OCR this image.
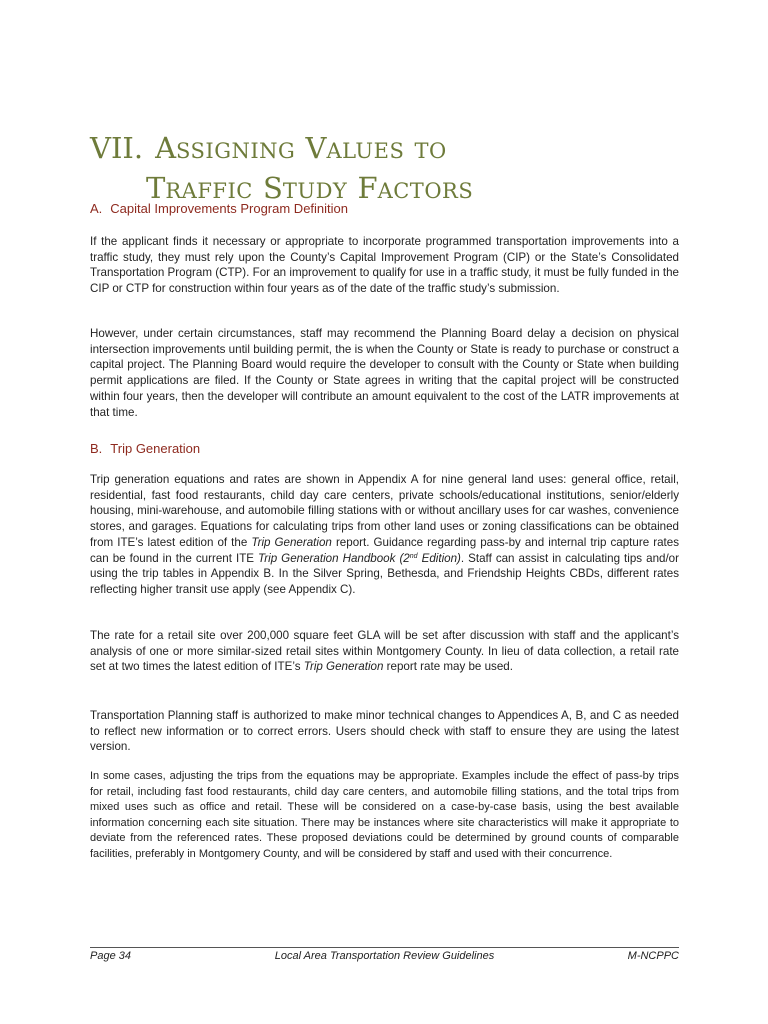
VII. ASSIGNING VALUES TO
TRAFFIC STUDY FACTORS
A. Capital Improvements Program Definition

If the applicant finds it necessary or appropriate to incorporate programmed transportation improvements into a traffic study, they must rely upon the County’s Capital Improvement Program (CIP) or the State’s Consolidated Transportation Program (CTP). For an improvement to qualify for use in a traffic study, it must be fully funded in the CIP or CTP for construction within four years as of the date of the traffic study’s submission.

However, under certain circumstances, staff may recommend the Planning Board delay a decision on physical intersection improvements until building permit, the is when the County or State is ready to purchase or construct a capital project. The Planning Board would require the developer to consult with the County or State when building permit applications are filed. If the County or State agrees in writing that the capital project will be constructed within four years, then the developer will contribute an amount equivalent to the cost of the LATR improvements at that time.

B. Trip Generation

Trip generation equations and rates are shown in Appendix A for nine general land uses: general office, retail, residential, fast food restaurants, child day care centers, private schools/educational institutions, senior/elderly housing, mini-warehouse, and automobile filling stations with or without ancillary uses for car washes, convenience stores, and garages. Equations for calculating trips from other land uses or zoning classifications can be obtained from ITE’s latest edition of the Trip Generation report. Guidance regarding pass-by and internal trip capture rates can be found in the current ITE Trip Generation Handbook (2nd Edition). Staff can assist in calculating tips and/or using the trip tables in Appendix B. In the Silver Spring, Bethesda, and Friendship Heights CBDs, different rates reflecting higher transit use apply (see Appendix C).

The rate for a retail site over 200,000 square feet GLA will be set after discussion with staff and the applicant’s analysis of one or more similar-sized retail sites within Montgomery County. In lieu of data collection, a retail rate set at two times the latest edition of ITE’s Trip Generation report rate may be used.

Transportation Planning staff is authorized to make minor technical changes to Appendices A, B, and C as needed to reflect new information or to correct errors. Users should check with staff to ensure they are using the latest version.

In some cases, adjusting the trips from the equations may be appropriate. Examples include the effect of pass-by trips for retail, including fast food restaurants, child day care centers, and automobile filling stations, and the total trips from mixed uses such as office and retail. These will be considered on a case-by-case basis, using the best available information concerning each site situation. There may be instances where site characteristics will make it appropriate to deviate from the referenced rates. These proposed deviations could be determined by ground counts of comparable facilities, preferably in Montgomery County, and will be considered by staff and used with their concurrence.

Page 34	Local Area Transportation Review Guidelines	M-NCPPC
